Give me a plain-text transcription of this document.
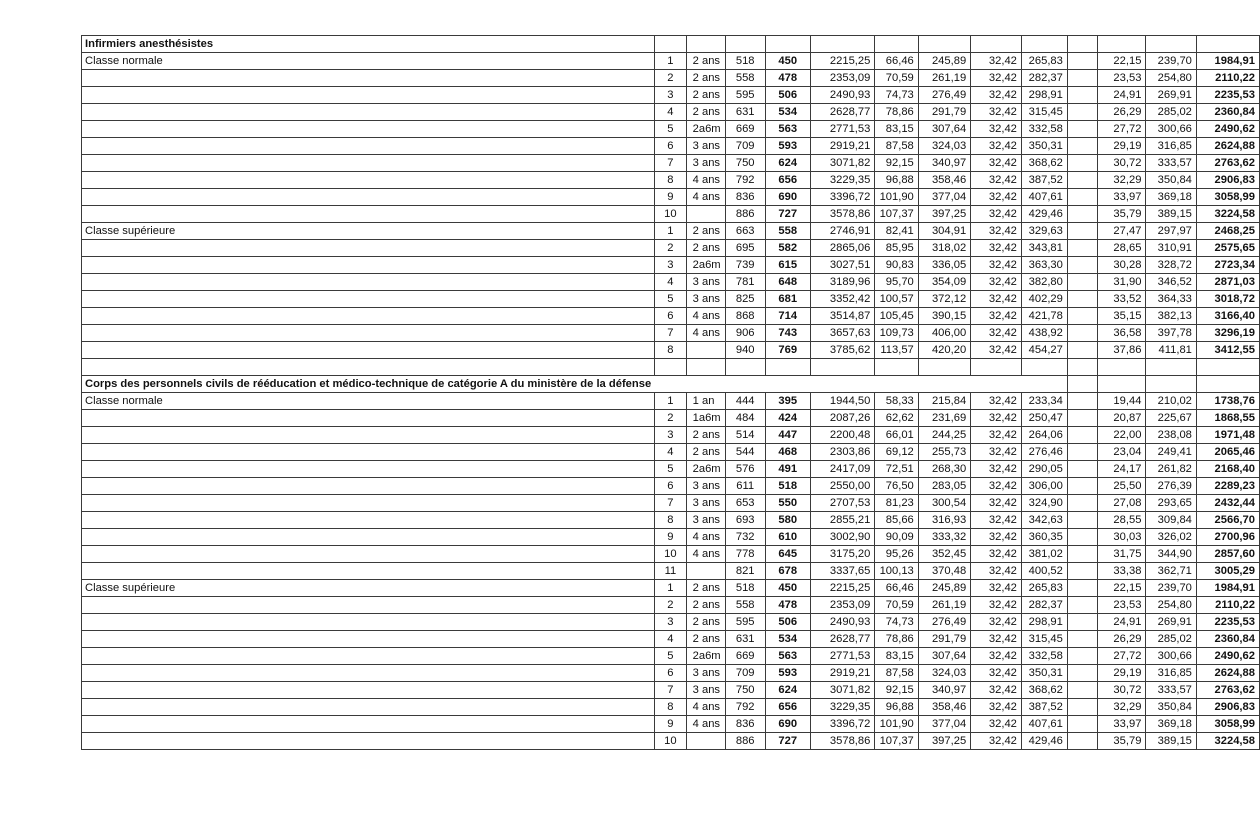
Infirmiers anesthésistes													
Classe normale	1	2 ans	518	450	2215,25	66,46	245,89	32,42	265,83		22,15	239,70	1984,91
	2	2 ans	558	478	2353,09	70,59	261,19	32,42	282,37		23,53	254,80	2110,22
	3	2 ans	595	506	2490,93	74,73	276,49	32,42	298,91		24,91	269,91	2235,53
	4	2 ans	631	534	2628,77	78,86	291,79	32,42	315,45		26,29	285,02	2360,84
	5	2a6m	669	563	2771,53	83,15	307,64	32,42	332,58		27,72	300,66	2490,62
	6	3 ans	709	593	2919,21	87,58	324,03	32,42	350,31		29,19	316,85	2624,88
	7	3 ans	750	624	3071,82	92,15	340,97	32,42	368,62		30,72	333,57	2763,62
	8	4 ans	792	656	3229,35	96,88	358,46	32,42	387,52		32,29	350,84	2906,83
	9	4 ans	836	690	3396,72	101,90	377,04	32,42	407,61		33,97	369,18	3058,99
	10		886	727	3578,86	107,37	397,25	32,42	429,46		35,79	389,15	3224,58
Classe supérieure	1	2 ans	663	558	2746,91	82,41	304,91	32,42	329,63		27,47	297,97	2468,25
	2	2 ans	695	582	2865,06	85,95	318,02	32,42	343,81		28,65	310,91	2575,65
	3	2a6m	739	615	3027,51	90,83	336,05	32,42	363,30		30,28	328,72	2723,34
	4	3 ans	781	648	3189,96	95,70	354,09	32,42	382,80		31,90	346,52	2871,03
	5	3 ans	825	681	3352,42	100,57	372,12	32,42	402,29		33,52	364,33	3018,72
	6	4 ans	868	714	3514,87	105,45	390,15	32,42	421,78		35,15	382,13	3166,40
	7	4 ans	906	743	3657,63	109,73	406,00	32,42	438,92		36,58	397,78	3296,19
	8		940	769	3785,62	113,57	420,20	32,42	454,27		37,86	411,81	3412,55

Corps des personnels civils de rééducation et médico-technique de catégorie A du ministère de la défense													
Classe normale	1	1 an	444	395	1944,50	58,33	215,84	32,42	233,34		19,44	210,02	1738,76
	2	1a6m	484	424	2087,26	62,62	231,69	32,42	250,47		20,87	225,67	1868,55
	3	2 ans	514	447	2200,48	66,01	244,25	32,42	264,06		22,00	238,08	1971,48
	4	2 ans	544	468	2303,86	69,12	255,73	32,42	276,46		23,04	249,41	2065,46
	5	2a6m	576	491	2417,09	72,51	268,30	32,42	290,05		24,17	261,82	2168,40
	6	3 ans	611	518	2550,00	76,50	283,05	32,42	306,00		25,50	276,39	2289,23
	7	3 ans	653	550	2707,53	81,23	300,54	32,42	324,90		27,08	293,65	2432,44
	8	3 ans	693	580	2855,21	85,66	316,93	32,42	342,63		28,55	309,84	2566,70
	9	4 ans	732	610	3002,90	90,09	333,32	32,42	360,35		30,03	326,02	2700,96
	10	4 ans	778	645	3175,20	95,26	352,45	32,42	381,02		31,75	344,90	2857,60
	11		821	678	3337,65	100,13	370,48	32,42	400,52		33,38	362,71	3005,29
Classe supérieure	1	2 ans	518	450	2215,25	66,46	245,89	32,42	265,83		22,15	239,70	1984,91
	2	2 ans	558	478	2353,09	70,59	261,19	32,42	282,37		23,53	254,80	2110,22
	3	2 ans	595	506	2490,93	74,73	276,49	32,42	298,91		24,91	269,91	2235,53
	4	2 ans	631	534	2628,77	78,86	291,79	32,42	315,45		26,29	285,02	2360,84
	5	2a6m	669	563	2771,53	83,15	307,64	32,42	332,58		27,72	300,66	2490,62
	6	3 ans	709	593	2919,21	87,58	324,03	32,42	350,31		29,19	316,85	2624,88
	7	3 ans	750	624	3071,82	92,15	340,97	32,42	368,62		30,72	333,57	2763,62
	8	4 ans	792	656	3229,35	96,88	358,46	32,42	387,52		32,29	350,84	2906,83
	9	4 ans	836	690	3396,72	101,90	377,04	32,42	407,61		33,97	369,18	3058,99
	10		886	727	3578,86	107,37	397,25	32,42	429,46		35,79	389,15	3224,58
